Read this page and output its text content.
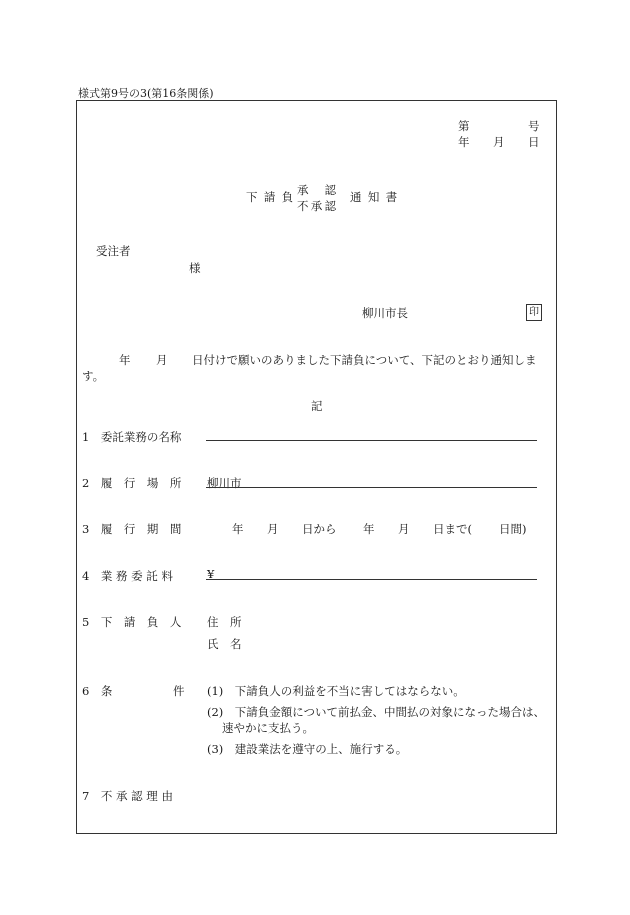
様式第9号の3(第16条関係)
第	号
年 月 日
下請負
承　認
不承認
通知書
受注者
様
柳川市長	印
年 月 日付けで願いのありました下請負について、下記のとおり通知しま
す。
記
1　委託業務の名称
2　履　行　場　所 柳川市
3　履　行　期　間	年 月 日から 年 月 日まで( 日間)
4　業 務 委 託 料	¥
5　下　請　負　人 住　所
氏　名
6　条	件 (1)　下請負人の利益を不当に害してはならない。
(2)　下請負金額について前払金、中間払の対象になった場合は、
速やかに支払う。
(3)　建設業法を遵守の上、施行する。
7　不 承 認 理 由
